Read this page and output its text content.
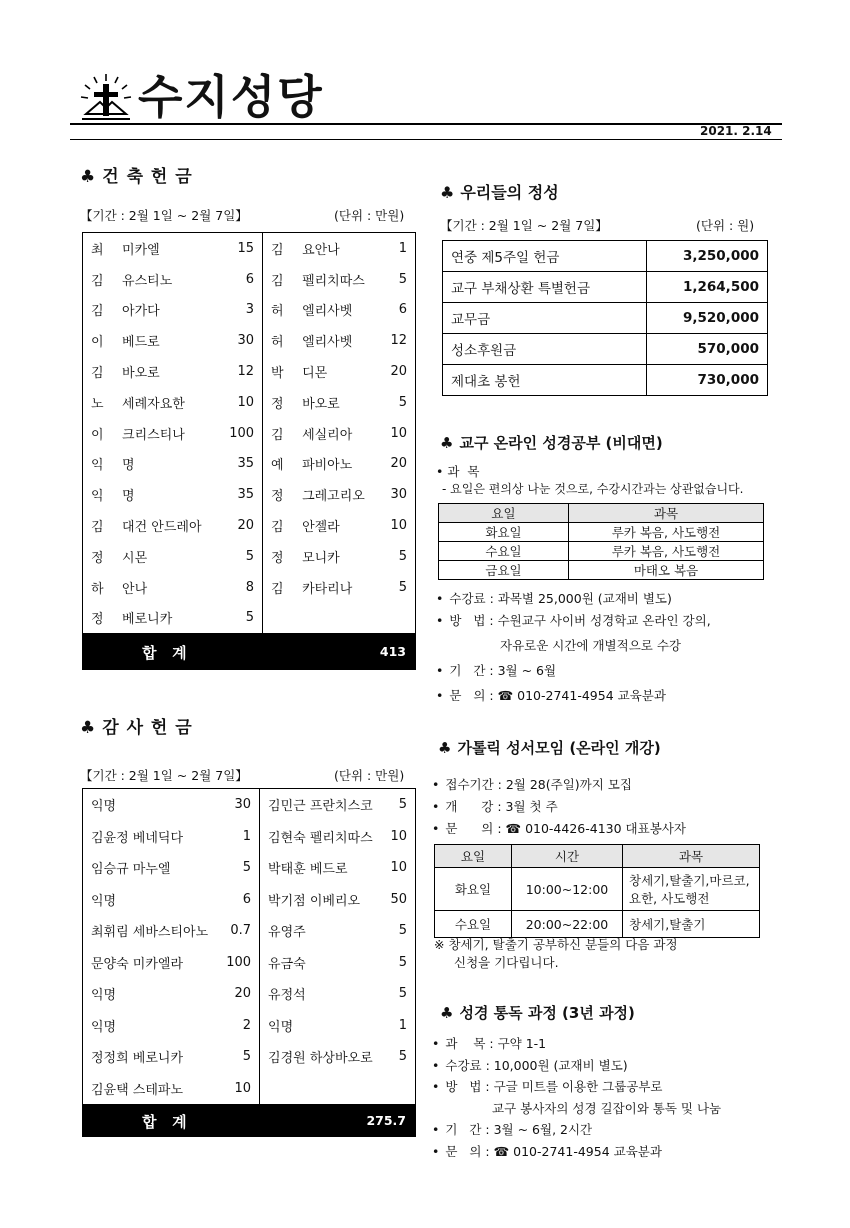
수지성당
2021. 2.14
♣ 건 축 헌 금
【기간 : 2월 1일 ~ 2월 7일】	(단위 : 만원)
최	미카엘	15	김	요안나	1
김	유스티노	6	김	펠리치따스	5
김	아가다	3	허	엘리사벳	6
이	베드로	30	허	엘리사벳	12
김	바오로	12	박	디몬	20
노	세례자요한	10	정	바오로	5
이	크리스티나	100	김	세실리아	10
익	명	35	예	파비아노	20
익	명	35	정	그레고리오	30
김	대건 안드레아	20	김	안젤라	10
정	시몬	5	정	모니카	5
하	안나	8	김	카타리나	5
정	베로니카	5			
합   계	413
♣ 감 사 헌 금
【기간 : 2월 1일 ~ 2월 7일】	(단위 : 만원)
익명	30	김민근 프란치스코	5
김윤정 베네딕다	1	김현숙 펠리치따스	10
임승규 마누엘	5	박태훈 베드로	10
익명	6	박기점 이베리오	50
최휘림 세바스티아노	0.7	유영주	5
문양숙 미카엘라	100	유금숙	5
익명	20	유정석	5
익명	2	익명	1
정정희 베로니카	5	김경원 하상바오로	5
김윤택 스테파노	10		
합   계	275.7
♣ 우리들의 정성
【기간 : 2월 1일 ~ 2월 7일】	(단위 : 원)
연중 제5주일 헌금	3,250,000
교구 부채상환 특별헌금	1,264,500
교무금	9,520,000
성소후원금	570,000
제대초 봉헌	730,000
♣ 교구 온라인 성경공부 (비대면)
• 과  목
- 요일은 편의상 나눈 것으로, 수강시간과는 상관없습니다.
요일	과목
화요일	루카 복음, 사도행전
수요일	루카 복음, 사도행전
금요일	마태오 복음
• 수강료 : 과목별 25,000원 (교재비 별도)
• 방   법 : 수원교구 사이버 성경학교 온라인 강의,
자유로운 시간에 개별적으로 수강
• 기   간 : 3월 ~ 6월
• 문   의 : ☎ 010-2741-4954 교육분과
♣ 가톨릭 성서모임 (온라인 개강)
• 접수기간 : 2월 28(주일)까지 모집
• 개      강 : 3월 첫 주
• 문      의 : ☎ 010-4426-4130 대표봉사자
요일	시간	과목
화요일	10:00~12:00	창세기,탈출기,마르코, 요한, 사도행전
수요일	20:00~22:00	창세기,탈출기
※ 창세기, 탈출기 공부하신 분들의 다음 과정
신청을 기다립니다.
♣ 성경 통독 과정 (3년 과정)
• 과    목 : 구약 1-1
• 수강료 : 10,000원 (교재비 별도)
• 방   법 : 구글 미트를 이용한 그룹공부로
교구 봉사자의 성경 길잡이와 통독 및 나눔
• 기   간 : 3월 ~ 6월, 2시간
• 문   의 : ☎ 010-2741-4954 교육분과
